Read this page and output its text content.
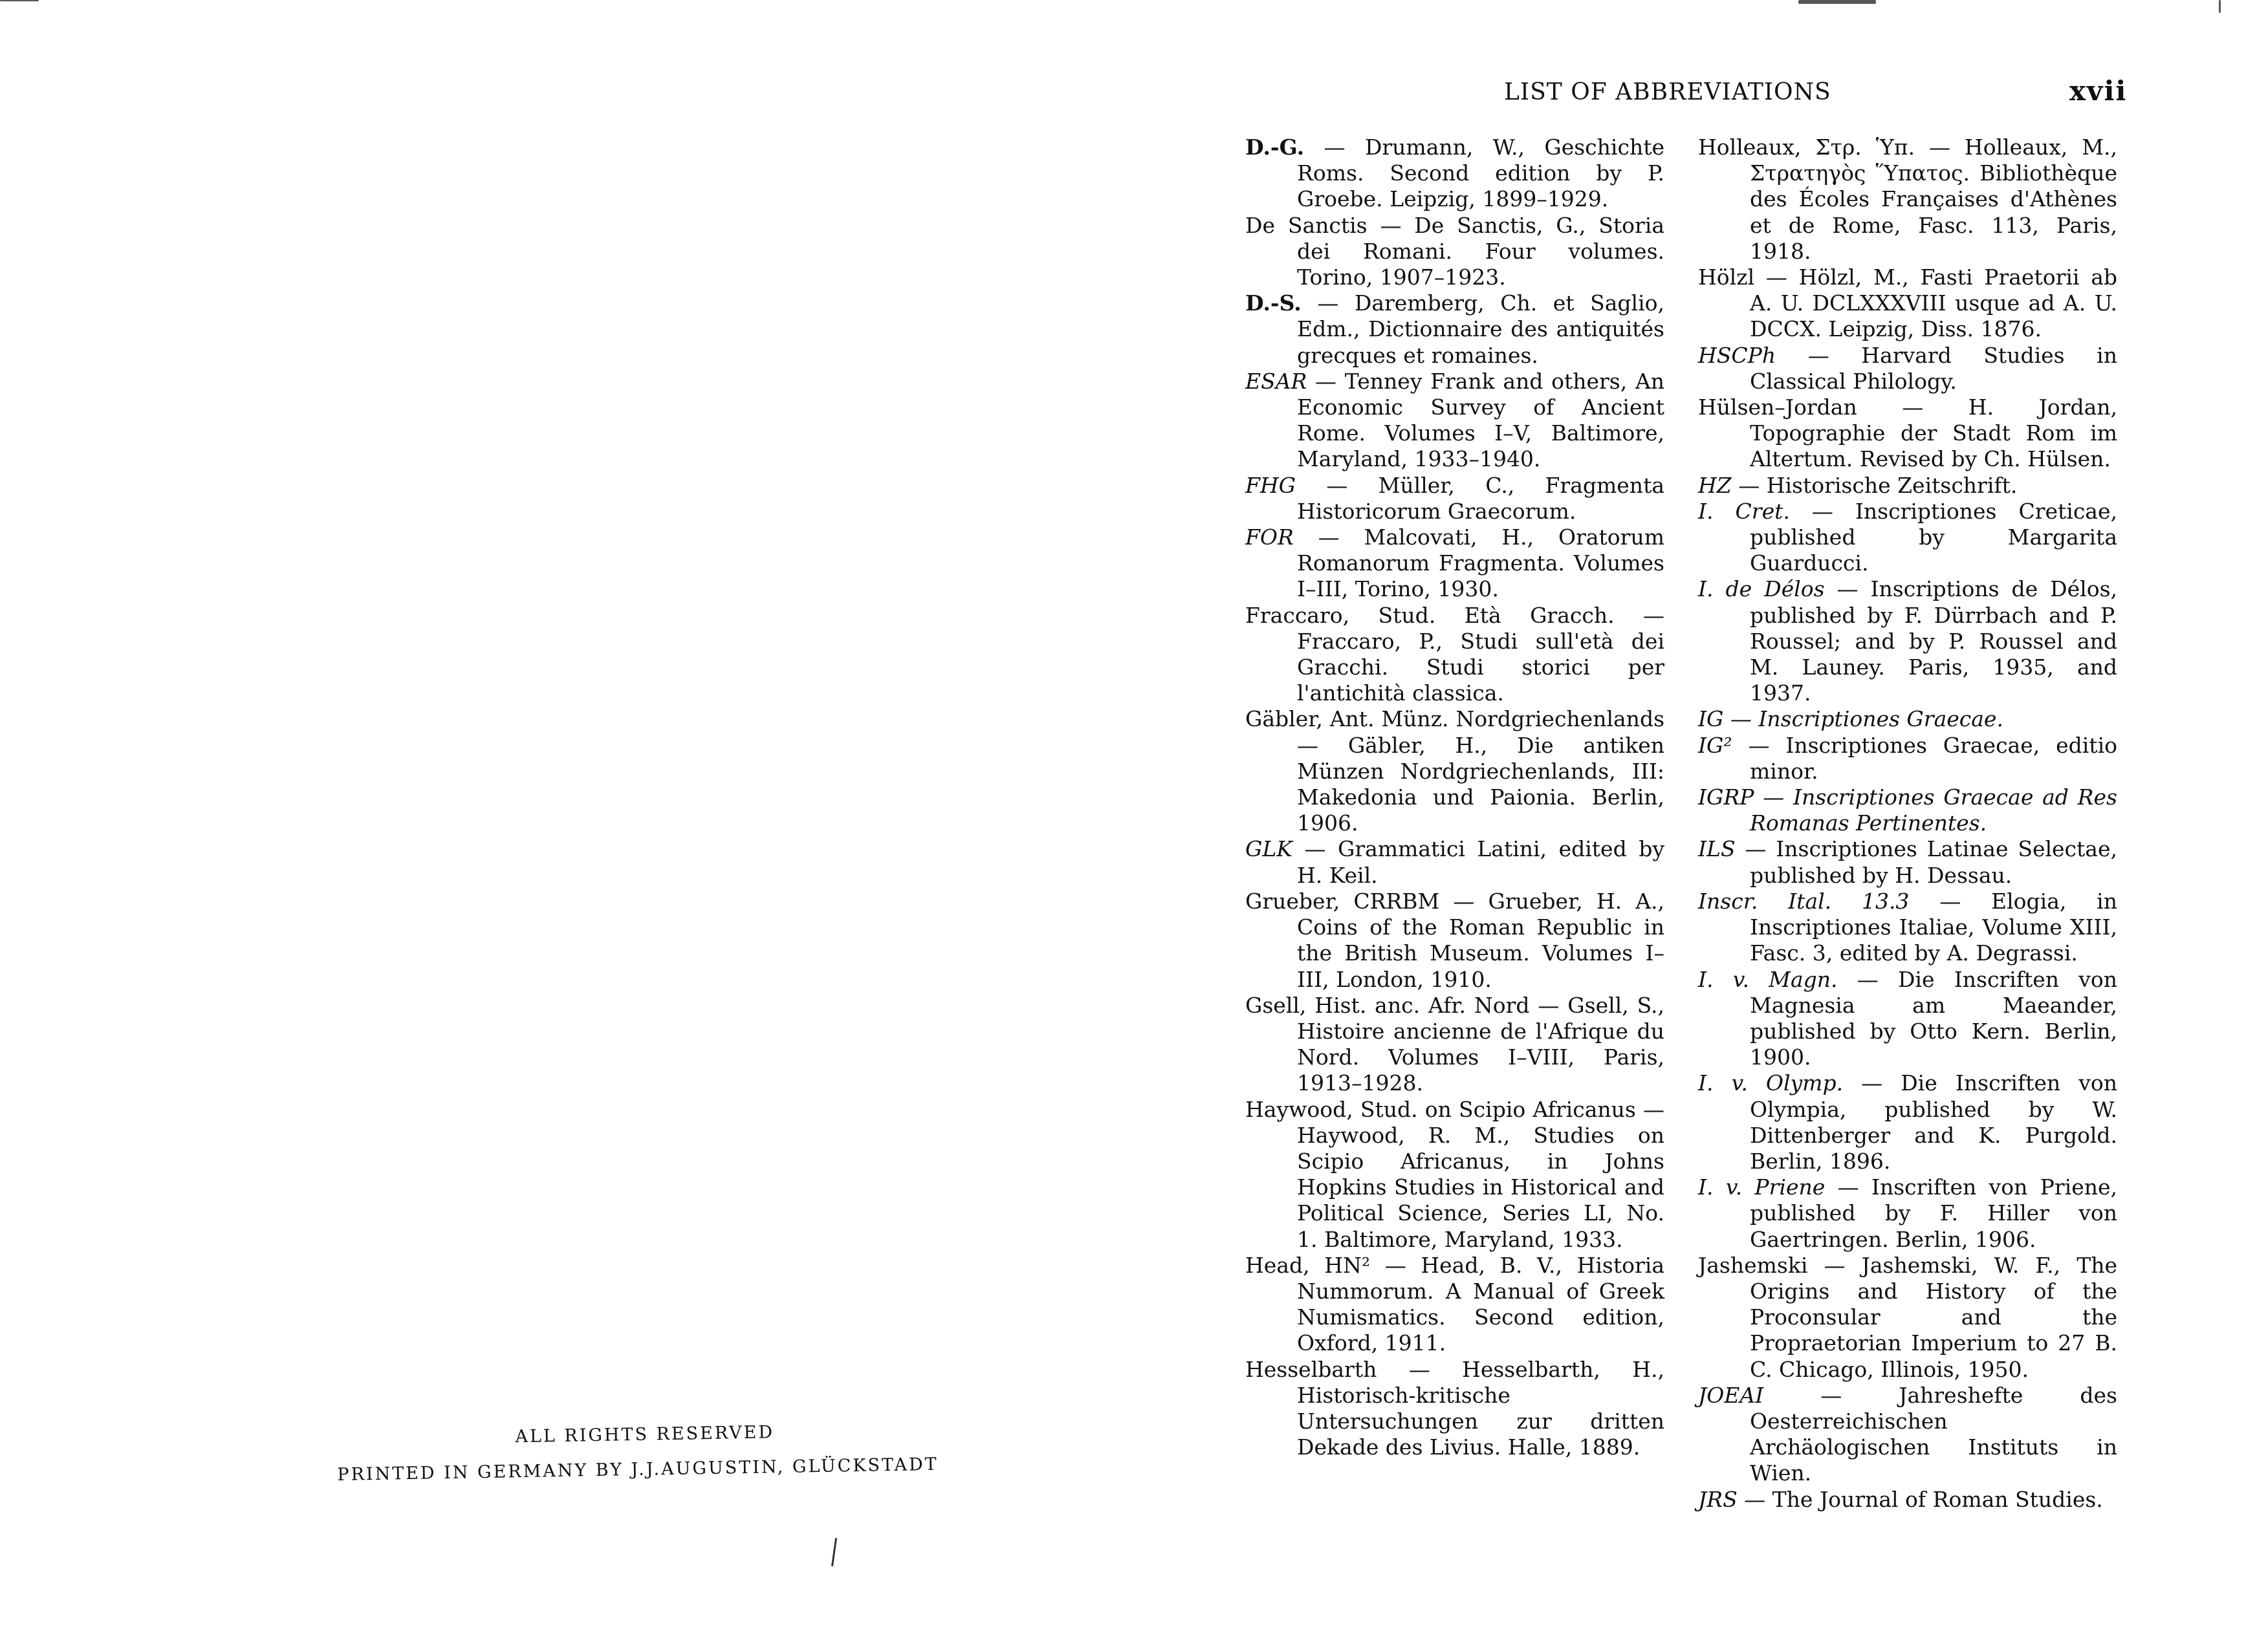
ALL RIGHTS RESERVED
PRINTED IN GERMANY BY J.J.AUGUSTIN, GLÜCKSTADT
LIST OF ABBREVIATIONS	xvii

D.-G. — Drumann, W., Geschichte Roms. Second edition by P. Groebe. Leipzig, 1899–1929.

De Sanctis — De Sanctis, G., Storia dei Romani. Four volumes. Torino, 1907–1923.

D.-S. — Daremberg, Ch. et Saglio, Edm., Dictionnaire des antiquités grecques et romaines.

ESAR — Tenney Frank and others, An Economic Survey of Ancient Rome. Volumes I–V, Baltimore, Maryland, 1933–1940.

FHG — Müller, C., Fragmenta Historicorum Graecorum.

FOR — Malcovati, H., Oratorum Romanorum Fragmenta. Volumes I–III, Torino, 1930.

Fraccaro, Stud. Età Gracch. — Fraccaro, P., Studi sull'età dei Gracchi. Studi storici per l'antichità classica.

Gäbler, Ant. Münz. Nordgriechenlands — Gäbler, H., Die antiken Münzen Nordgriechenlands, III: Makedonia und Paionia. Berlin, 1906.

GLK — Grammatici Latini, edited by H. Keil.

Grueber, CRRBM — Grueber, H. A., Coins of the Roman Republic in the British Museum. Volumes I–III, London, 1910.

Gsell, Hist. anc. Afr. Nord — Gsell, S., Histoire ancienne de l'Afrique du Nord. Volumes I–VIII, Paris, 1913–1928.

Haywood, Stud. on Scipio Africanus — Haywood, R. M., Studies on Scipio Africanus, in Johns Hopkins Studies in Historical and Political Science, Series LI, No. 1. Baltimore, Maryland, 1933.

Head, HN² — Head, B. V., Historia Nummorum. A Manual of Greek Numismatics. Second edition, Oxford, 1911.

Hesselbarth — Hesselbarth, H., Historisch-kritische Untersuchungen zur dritten Dekade des Livius. Halle, 1889.

Holleaux, Στρ. Ὑπ. — Holleaux, M., Στρατηγὸς Ὕπατος. Bibliothèque des Écoles Françaises d'Athènes et de Rome, Fasc. 113, Paris, 1918.

Hölzl — Hölzl, M., Fasti Praetorii ab A. U. DCLXXXVIII usque ad A. U. DCCX. Leipzig, Diss. 1876.

HSCPh — Harvard Studies in Classical Philology.

Hülsen–Jordan — H. Jordan, Topographie der Stadt Rom im Altertum. Revised by Ch. Hülsen.

HZ — Historische Zeitschrift.

I. Cret. — Inscriptiones Creticae, published by Margarita Guarducci.

I. de Délos — Inscriptions de Délos, published by F. Dürrbach and P. Roussel; and by P. Roussel and M. Launey. Paris, 1935, and 1937.

IG — Inscriptiones Graecae.

IG² — Inscriptiones Graecae, editio minor.

IGRP — Inscriptiones Graecae ad Res Romanas Pertinentes.

ILS — Inscriptiones Latinae Selectae, published by H. Dessau.

Inscr. Ital. 13.3 — Elogia, in Inscriptiones Italiae, Volume XIII, Fasc. 3, edited by A. Degrassi.

I. v. Magn. — Die Inscriften von Magnesia am Maeander, published by Otto Kern. Berlin, 1900.

I. v. Olymp. — Die Inscriften von Olympia, published by W. Dittenberger and K. Purgold. Berlin, 1896.

I. v. Priene — Inscriften von Priene, published by F. Hiller von Gaertringen. Berlin, 1906.

Jashemski — Jashemski, W. F., The Origins and History of the Proconsular and the Propraetorian Imperium to 27 B. C. Chicago, Illinois, 1950.

JOEAI — Jahreshefte des Oesterreichischen Archäologischen Instituts in Wien.

JRS — The Journal of Roman Studies.
